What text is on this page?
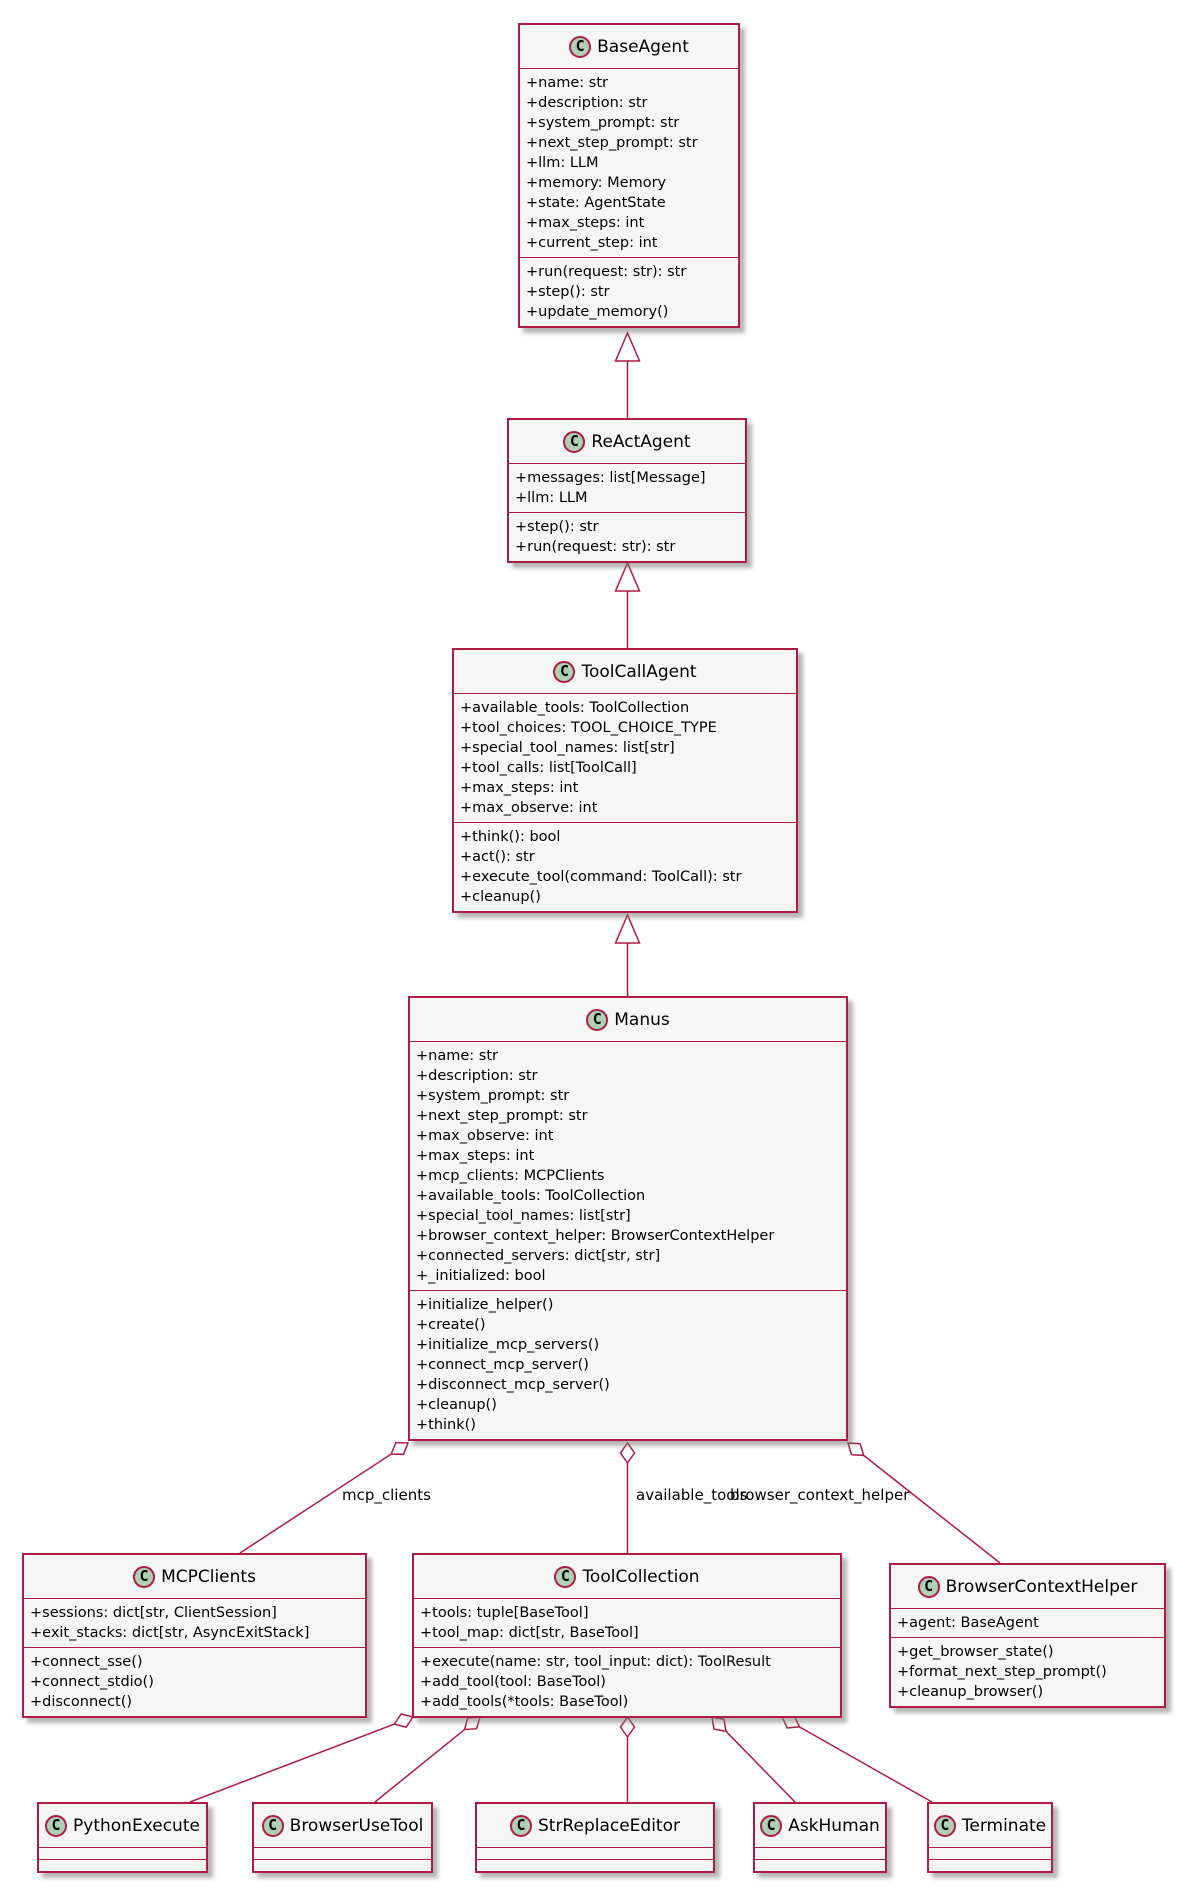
C BaseAgent
+name: str
+description: str
+system_prompt: str
+next_step_prompt: str
+llm: LLM
+memory: Memory
+state: AgentState
+max_steps: int
+current_step: int
+run(request: str): str
+step(): str
+update_memory()
C ReActAgent
+messages: list[Message]
+llm: LLM
+step(): str
+run(request: str): str
C ToolCallAgent
+available_tools: ToolCollection
+tool_choices: TOOL_CHOICE_TYPE
+special_tool_names: list[str]
+tool_calls: list[ToolCall]
+max_steps: int
+max_observe: int
+think(): bool
+act(): str
+execute_tool(command: ToolCall): str
+cleanup()
C Manus
+name: str
+description: str
+system_prompt: str
+next_step_prompt: str
+max_observe: int
+max_steps: int
+mcp_clients: MCPClients
+available_tools: ToolCollection
+special_tool_names: list[str]
+browser_context_helper: BrowserContextHelper
+connected_servers: dict[str, str]
+_initialized: bool
+initialize_helper()
+create()
+initialize_mcp_servers()
+connect_mcp_server()
+disconnect_mcp_server()
+cleanup()
+think()
C MCPClients
+sessions: dict[str, ClientSession]
+exit_stacks: dict[str, AsyncExitStack]
+connect_sse()
+connect_stdio()
+disconnect()
C ToolCollection
+tools: tuple[BaseTool]
+tool_map: dict[str, BaseTool]
+execute(name: str, tool_input: dict): ToolResult
+add_tool(tool: BaseTool)
+add_tools(*tools: BaseTool)
C BrowserContextHelper
+agent: BaseAgent
+get_browser_state()
+format_next_step_prompt()
+cleanup_browser()
C PythonExecute	C BrowserUseTool	C StrReplaceEditor	C AskHuman	C Terminate
mcp_clients	available_tools
browser_context_helper
